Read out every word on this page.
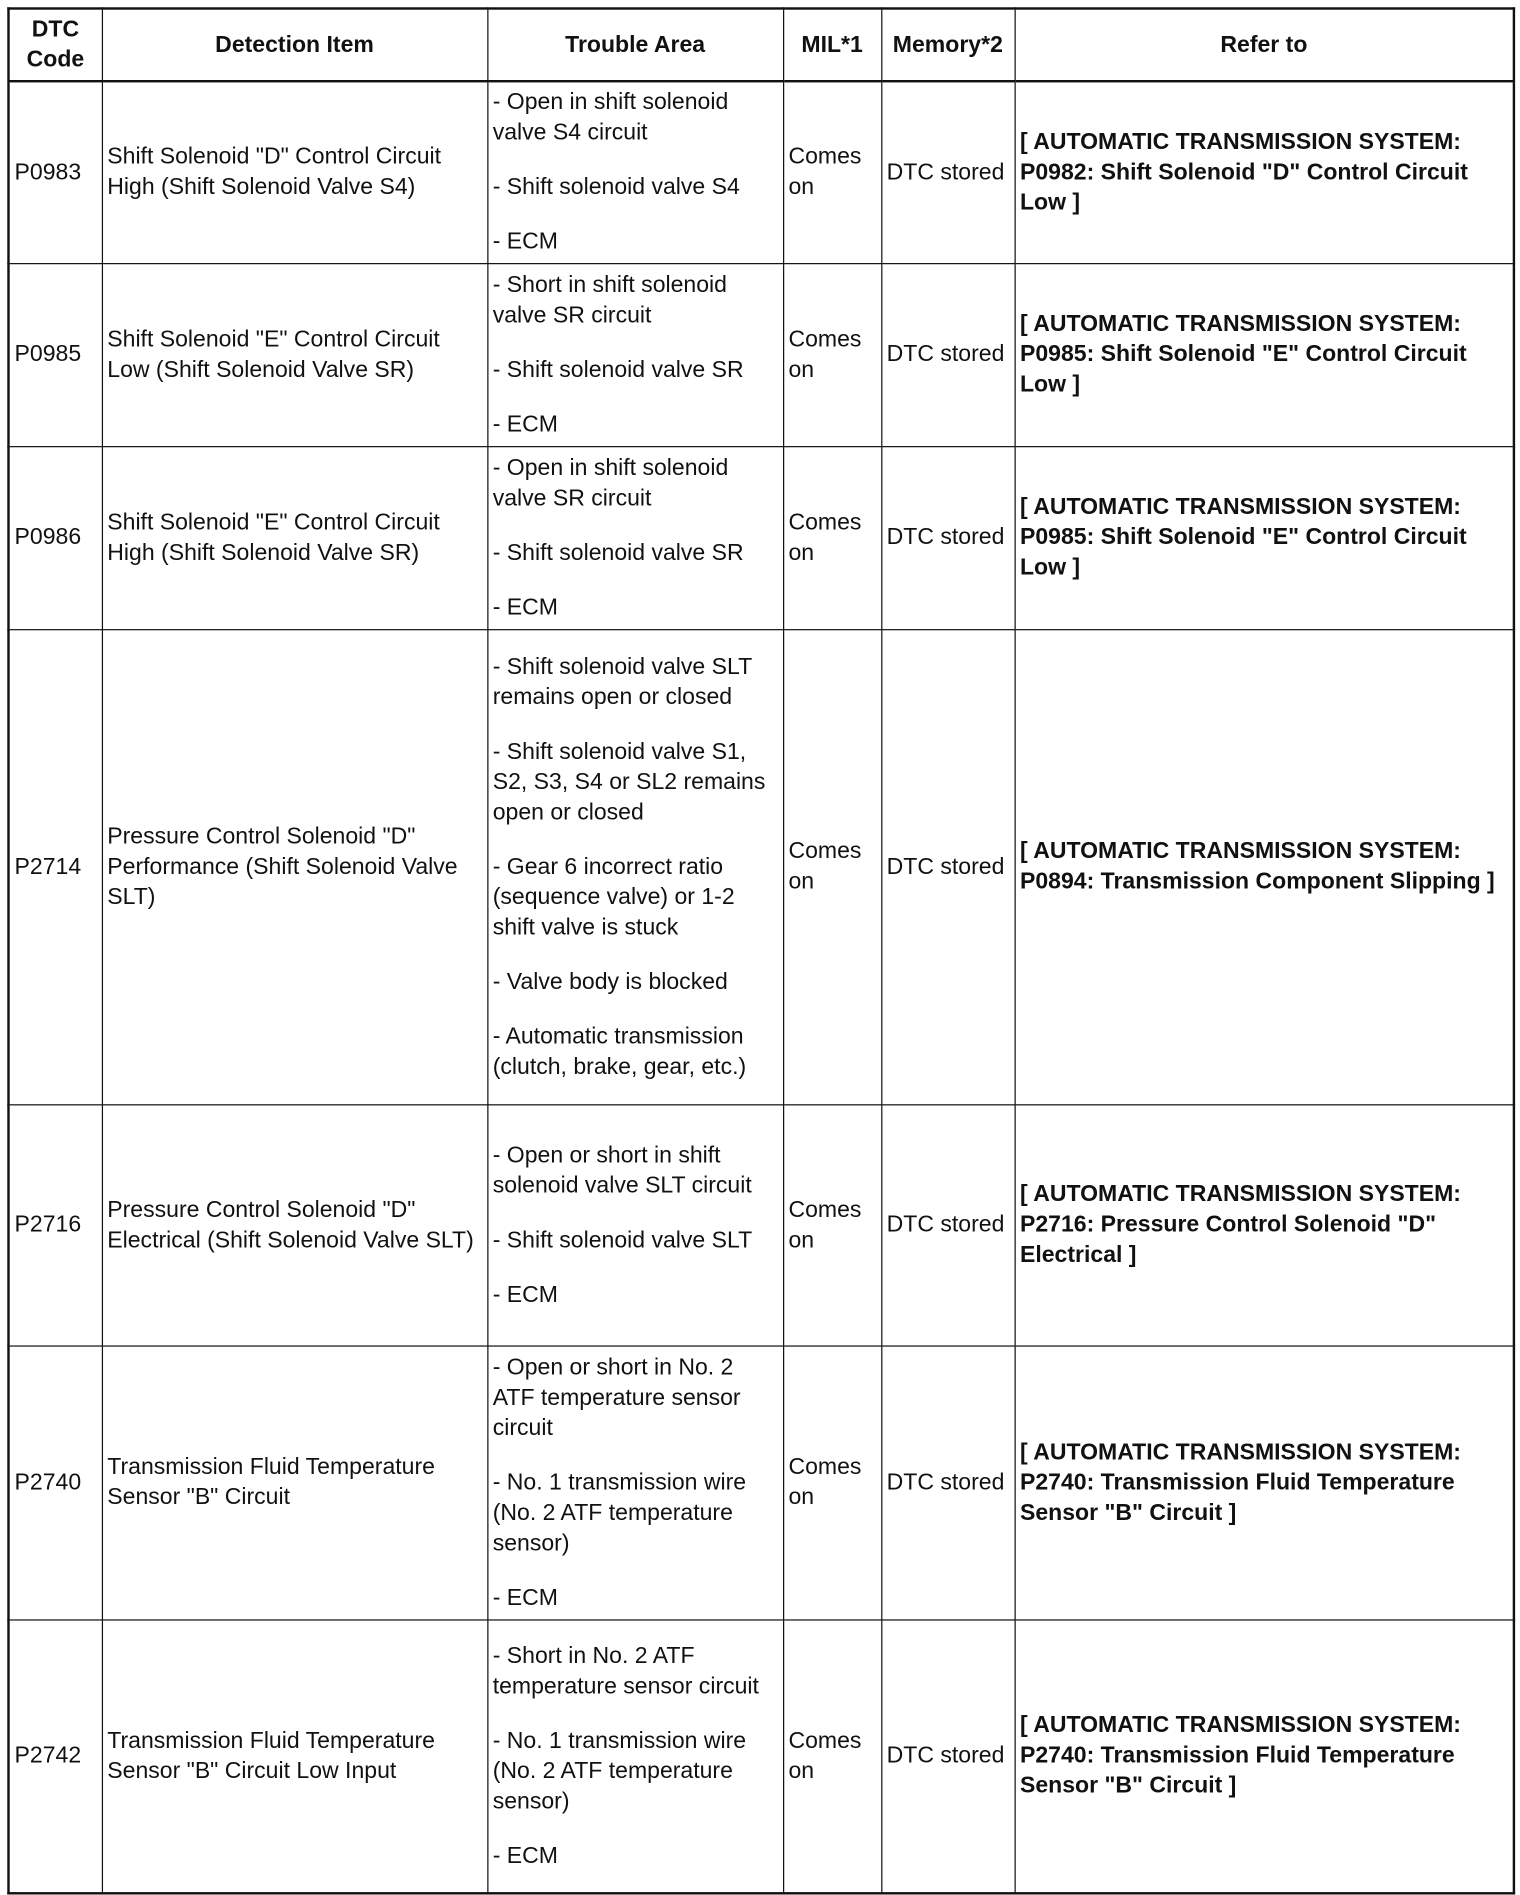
DTC Code	Detection Item	Trouble Area	MIL*1	Memory*2	Refer to
P0983	Shift Solenoid "D" Control Circuit High (Shift Solenoid Valve S4)	- Open in shift solenoid valve S4 circuit
- Shift solenoid valve S4
- ECM	Comes on	DTC stored	[ AUTOMATIC TRANSMISSION SYSTEM: P0982: Shift Solenoid "D" Control Circuit Low ]
P0985	Shift Solenoid "E" Control Circuit Low (Shift Solenoid Valve SR)	- Short in shift solenoid valve SR circuit
- Shift solenoid valve SR
- ECM	Comes on	DTC stored	[ AUTOMATIC TRANSMISSION SYSTEM: P0985: Shift Solenoid "E" Control Circuit Low ]
P0986	Shift Solenoid "E" Control Circuit High (Shift Solenoid Valve SR)	- Open in shift solenoid valve SR circuit
- Shift solenoid valve SR
- ECM	Comes on	DTC stored	[ AUTOMATIC TRANSMISSION SYSTEM: P0985: Shift Solenoid "E" Control Circuit Low ]
P2714	Pressure Control Solenoid "D" Performance (Shift Solenoid Valve SLT)	- Shift solenoid valve SLT remains open or closed
- Shift solenoid valve S1, S2, S3, S4 or SL2 remains open or closed
- Gear 6 incorrect ratio (sequence valve) or 1-2 shift valve is stuck
- Valve body is blocked
- Automatic transmission (clutch, brake, gear, etc.)	Comes on	DTC stored	[ AUTOMATIC TRANSMISSION SYSTEM: P0894: Transmission Component Slipping ]
P2716	Pressure Control Solenoid "D" Electrical (Shift Solenoid Valve SLT)	- Open or short in shift solenoid valve SLT circuit
- Shift solenoid valve SLT
- ECM	Comes on	DTC stored	[ AUTOMATIC TRANSMISSION SYSTEM: P2716: Pressure Control Solenoid "D" Electrical ]
P2740	Transmission Fluid Temperature Sensor "B" Circuit	- Open or short in No. 2 ATF temperature sensor circuit
- No. 1 transmission wire (No. 2 ATF temperature sensor)
- ECM	Comes on	DTC stored	[ AUTOMATIC TRANSMISSION SYSTEM: P2740: Transmission Fluid Temperature Sensor "B" Circuit ]
P2742	Transmission Fluid Temperature Sensor "B" Circuit Low Input	- Short in No. 2 ATF temperature sensor circuit
- No. 1 transmission wire (No. 2 ATF temperature sensor)
- ECM	Comes on	DTC stored	[ AUTOMATIC TRANSMISSION SYSTEM: P2740: Transmission Fluid Temperature Sensor "B" Circuit ]
